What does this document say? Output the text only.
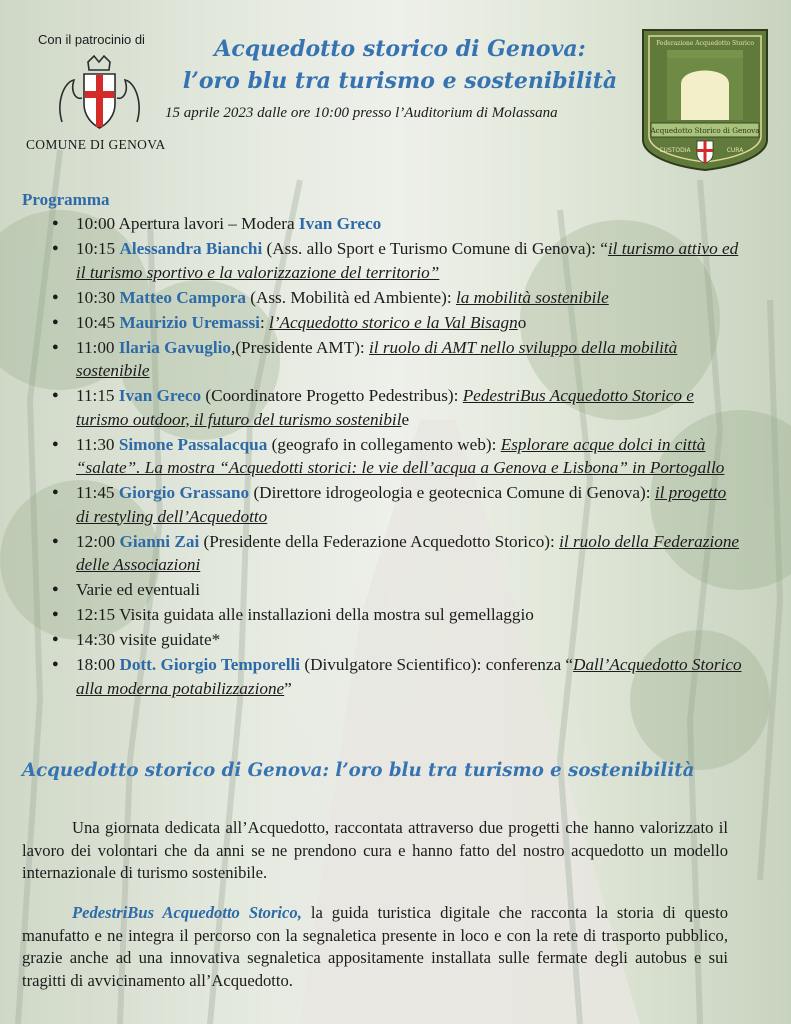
Con il patrocinio di
COMUNE DI GENOVA
Acquedotto storico di Genova:
l’oro blu tra turismo e sostenibilità
15 aprile 2023 dalle ore 10:00 presso l’Auditorium di Molassana
Federazione Acquedotto Storico
Acquedotto Storico di Genova
CUSTODIA	CURA
Programma
● 10:00 Apertura lavori – Modera Ivan Greco
● 10:15 Alessandra Bianchi (Ass. allo Sport e Turismo Comune di Genova): “il turismo attivo ed il turismo sportivo e la valorizzazione del territorio”
● 10:30 Matteo Campora (Ass. Mobilità ed Ambiente): la mobilità sostenibile
● 10:45 Maurizio Uremassi: l’Acquedotto storico e la Val Bisagno
● 11:00 Ilaria Gavuglio,(Presidente AMT): il ruolo di AMT nello sviluppo della mobilità sostenibile
● 11:15 Ivan Greco (Coordinatore Progetto Pedestribus): PedestriBus Acquedotto Storico e turismo outdoor, il futuro del turismo sostenibile
● 11:30 Simone Passalacqua (geografo in collegamento web): Esplorare acque dolci in città “salate”. La mostra “Acquedotti storici: le vie dell’acqua a Genova e Lisbona” in Portogallo
● 11:45 Giorgio Grassano (Direttore idrogeologia e geotecnica Comune di Genova): il progetto di restyling dell’Acquedotto
● 12:00 Gianni Zai (Presidente della Federazione Acquedotto Storico): il ruolo della Federazione delle Associazioni
● Varie ed eventuali
● 12:15 Visita guidata alle installazioni della mostra sul gemellaggio
● 14:30 visite guidate*
● 18:00 Dott. Giorgio Temporelli (Divulgatore Scientifico): conferenza “Dall’Acquedotto Storico alla moderna potabilizzazione”
Acquedotto storico di Genova: l’oro blu tra turismo e sostenibilità

Una giornata dedicata all’Acquedotto, raccontata attraverso due progetti che hanno valorizzato il lavoro dei volontari che da anni se ne prendono cura e hanno fatto del nostro acquedotto un modello internazionale di turismo sostenibile.

PedestriBus Acquedotto Storico, la guida turistica digitale che racconta la storia di questo manufatto e ne integra il percorso con la segnaletica presente in loco e con la rete di trasporto pubblico, grazie anche ad una innovativa segnaletica appositamente installata sulle fermate degli autobus e sui tragitti di avvicinamento all’Acquedotto.
